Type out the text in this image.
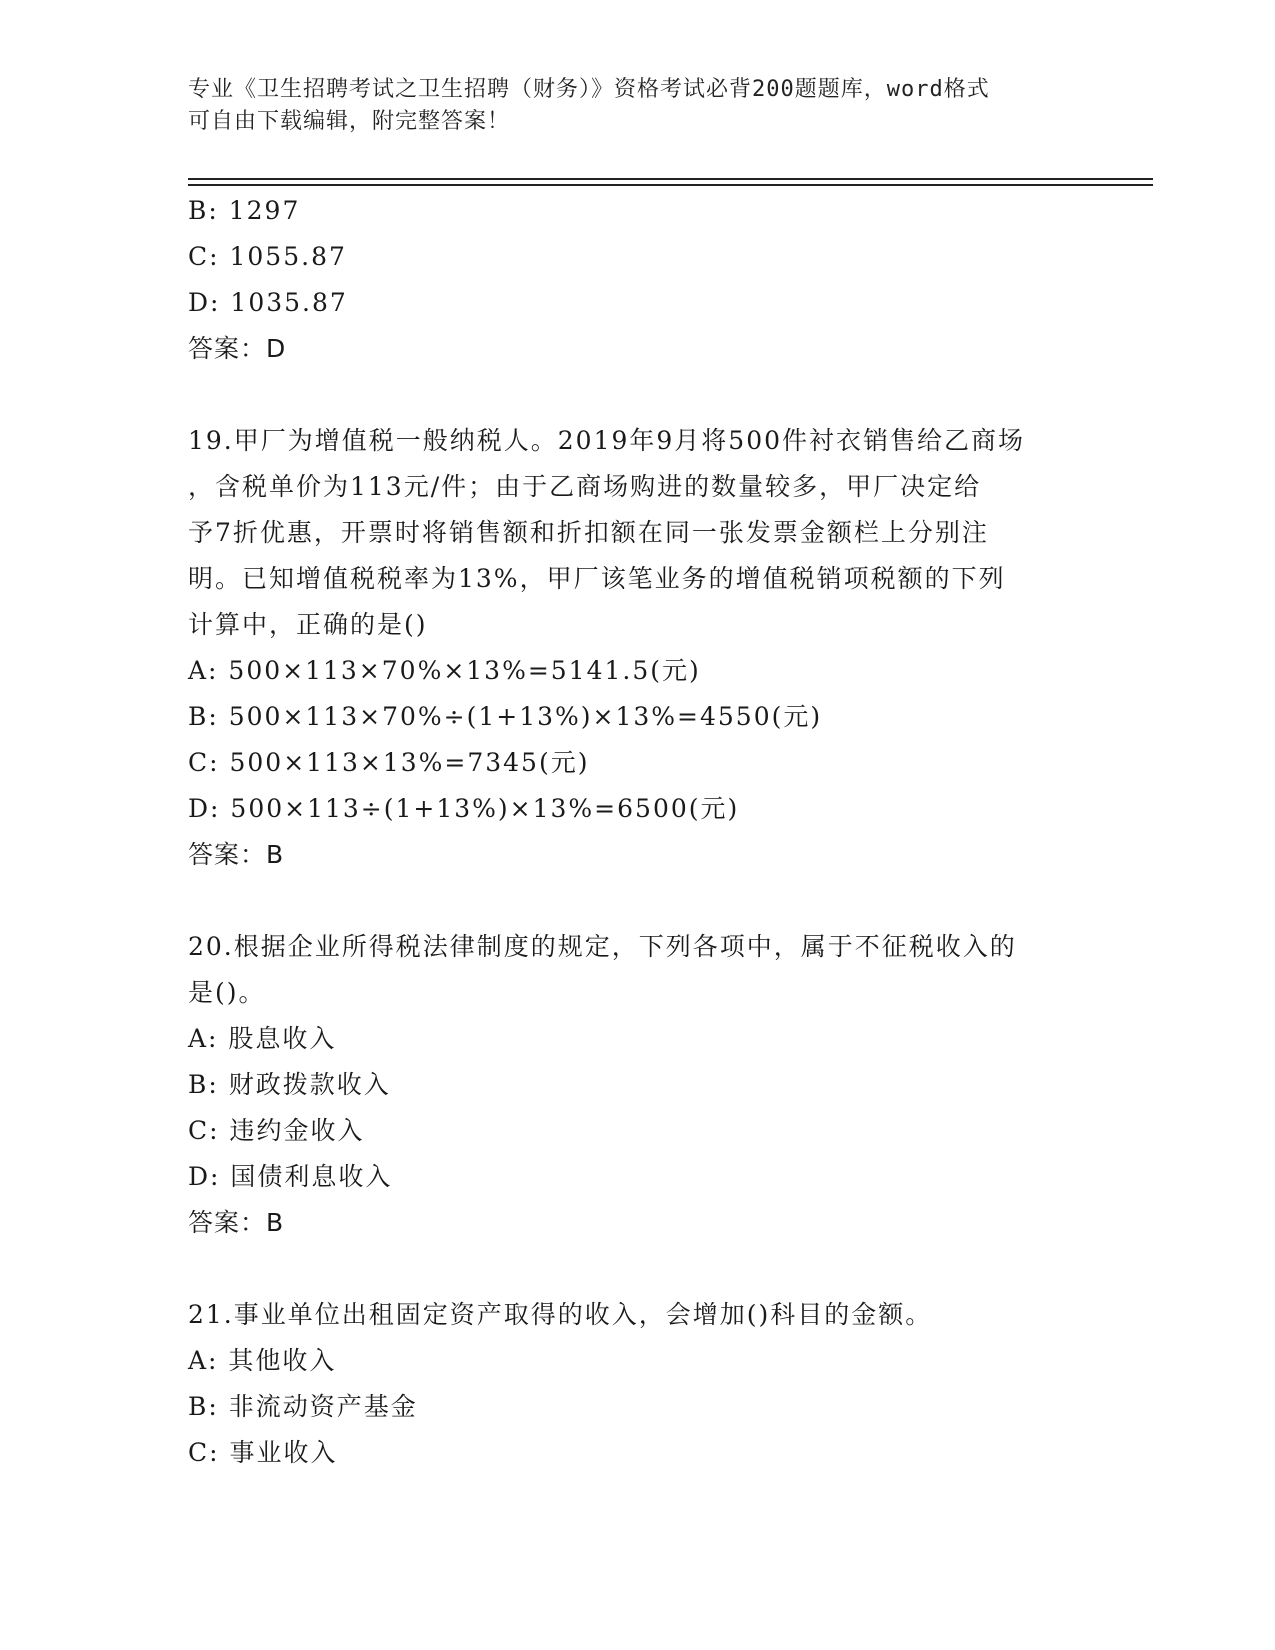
专业《卫生招聘考试之卫生招聘（财务）》资格考试必背200题题库，word格式
可自由下载编辑，附完整答案！
B: 1297
C: 1055.87
D: 1035.87
答案：D
19.甲厂为增值税一般纳税人。2019年9月将500件衬衣销售给乙商场
，含税单价为113元/件；由于乙商场购进的数量较多，甲厂决定给
予7折优惠，开票时将销售额和折扣额在同一张发票金额栏上分别注
明。已知增值税税率为13%，甲厂该笔业务的增值税销项税额的下列
计算中，正确的是()
A: 500×113×70%×13%=5141.5(元)
B: 500×113×70%÷(1+13%)×13%=4550(元)
C: 500×113×13%=7345(元)
D: 500×113÷(1+13%)×13%=6500(元)
答案：B
20.根据企业所得税法律制度的规定，下列各项中，属于不征税收入的
是()。
A: 股息收入
B: 财政拨款收入
C: 违约金收入
D: 国债利息收入
答案：B
21.事业单位出租固定资产取得的收入，会增加()科目的金额。
A: 其他收入
B: 非流动资产基金
C: 事业收入
